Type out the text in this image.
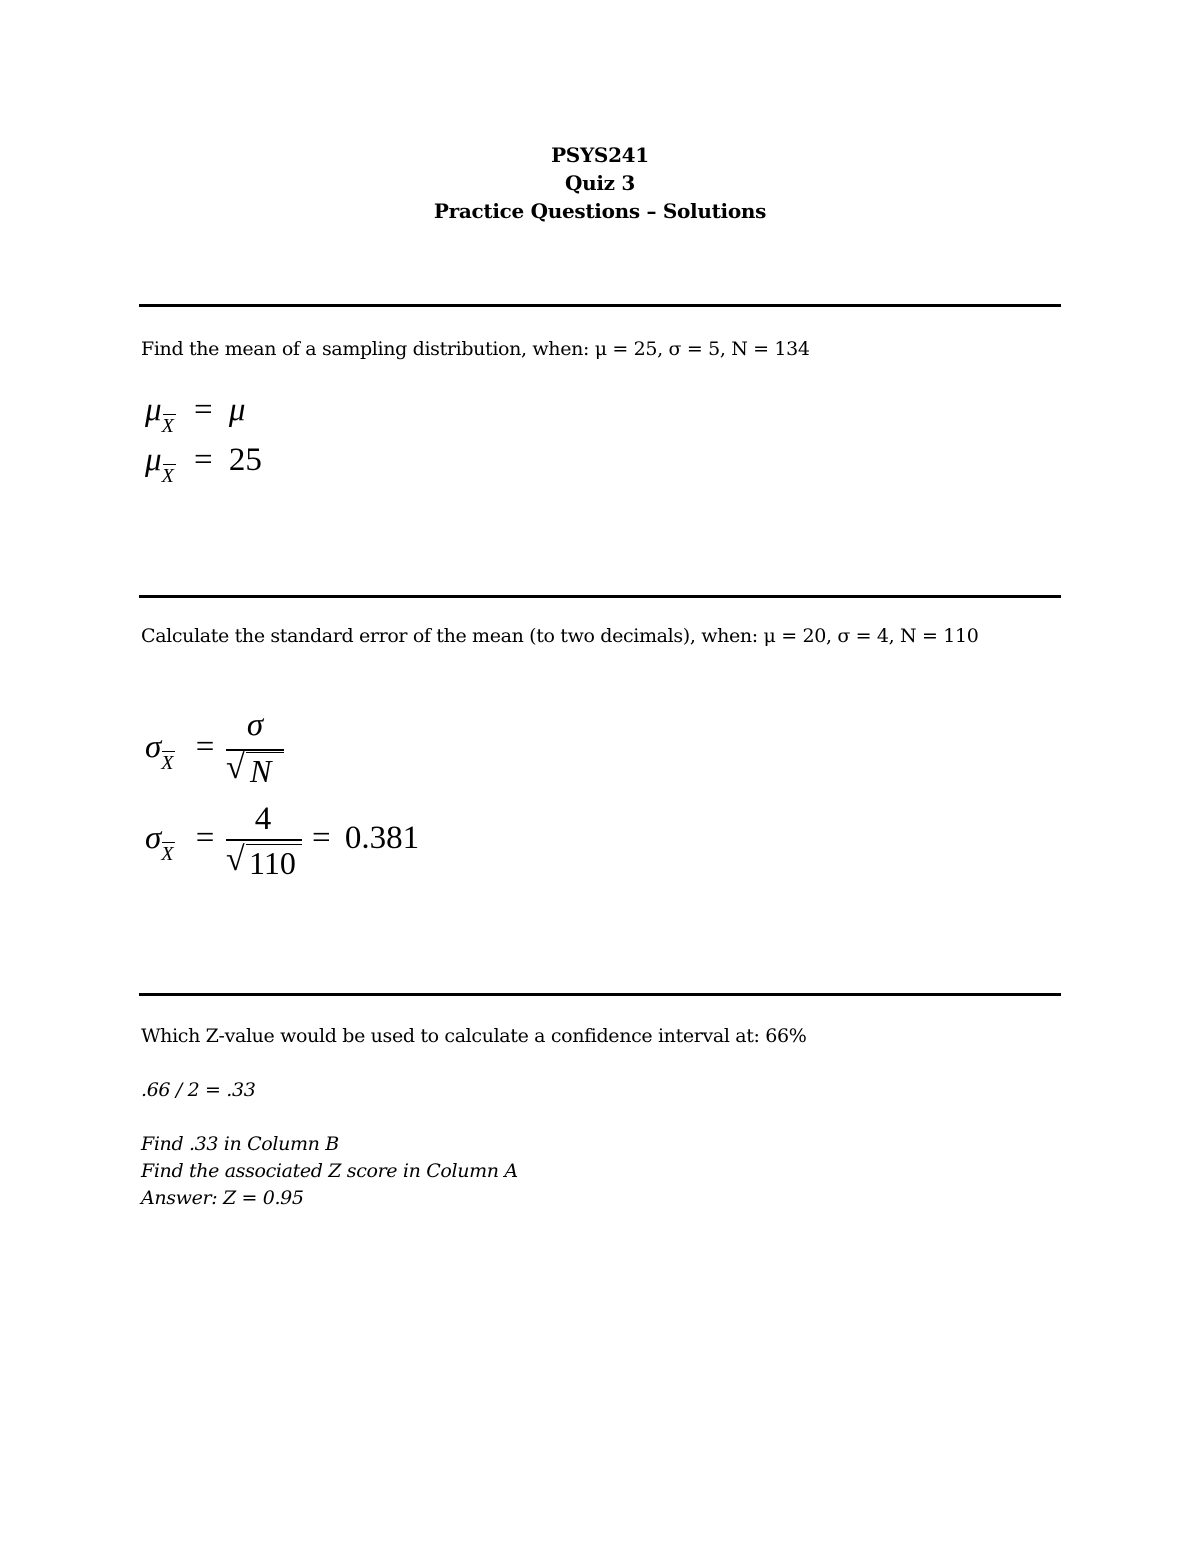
PSYS241
Quiz 3
Practice Questions – Solutions
Find the mean of a sampling distribution, when: μ = 25, σ = 5, N = 134
μ
$_X$ = μ
μ
$_X$ = 25
Calculate the standard error of the mean (to two decimals), when: μ = 20, σ = 4, N = 110
σ
$_X$ =
σ
√ N
σ
$_X$ =
4
√ 110
= 0.381
Which Z-value would be used to calculate a confidence interval at: 66%
.66 / 2 = .33
Find .33 in Column B
Find the associated Z score in Column A
Answer: Z = 0.95
